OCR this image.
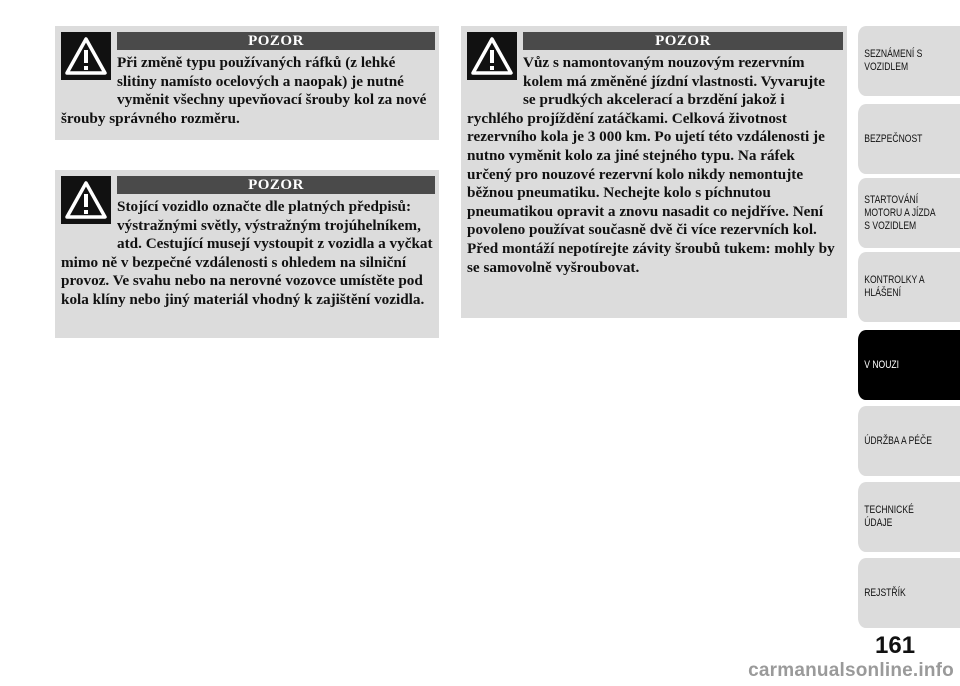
POZOR

Při změně typu používaných ráfků (z lehké slitiny namísto ocelových a naopak) je nutné vyměnit všechny upevňovací šrouby kol za nové šrouby správného rozměru.

POZOR

Stojící vozidlo označte dle platných předpisů: výstražnými světly, výstražným trojúhelníkem, atd. Cestující musejí vystoupit z vozidla a vyčkat mimo ně v bezpečné vzdálenosti s ohledem na silniční provoz. Ve svahu nebo na nerovné vozovce umístěte pod kola klíny nebo jiný materiál vhodný k zajištění vozidla.

POZOR

Vůz s namontovaným nouzovým rezervním kolem má změněné jízdní vlastnosti. Vyvarujte se prudkých akcelerací a brzdění jakož i rychlého projíždění zatáčkami. Celková životnost rezervního kola je 3 000 km. Po ujetí této vzdálenosti je nutno vyměnit kolo za jiné stejného typu. Na ráfek určený pro nouzové rezervní kolo nikdy nemontujte běžnou pneumatiku. Nechejte kolo s píchnutou pneumatikou opravit a znovu nasadit co nejdříve. Není povoleno používat současně dvě či více rezervních kol. Před montáží nepotírejte závity šroubů tukem: mohly by se samovolně vyšroubovat.

SEZNÁMENÍ S
VOZIDLEM
BEZPEČNOST
STARTOVÁNÍ
MOTORU A JÍZDA
S VOZIDLEM
KONTROLKY A
HLÁŠENÍ
V NOUZI
ÚDRŽBA A PÉČE
TECHNICKÉ
ÚDAJE
REJSTŘÍK
161
carmanualsonline.info
